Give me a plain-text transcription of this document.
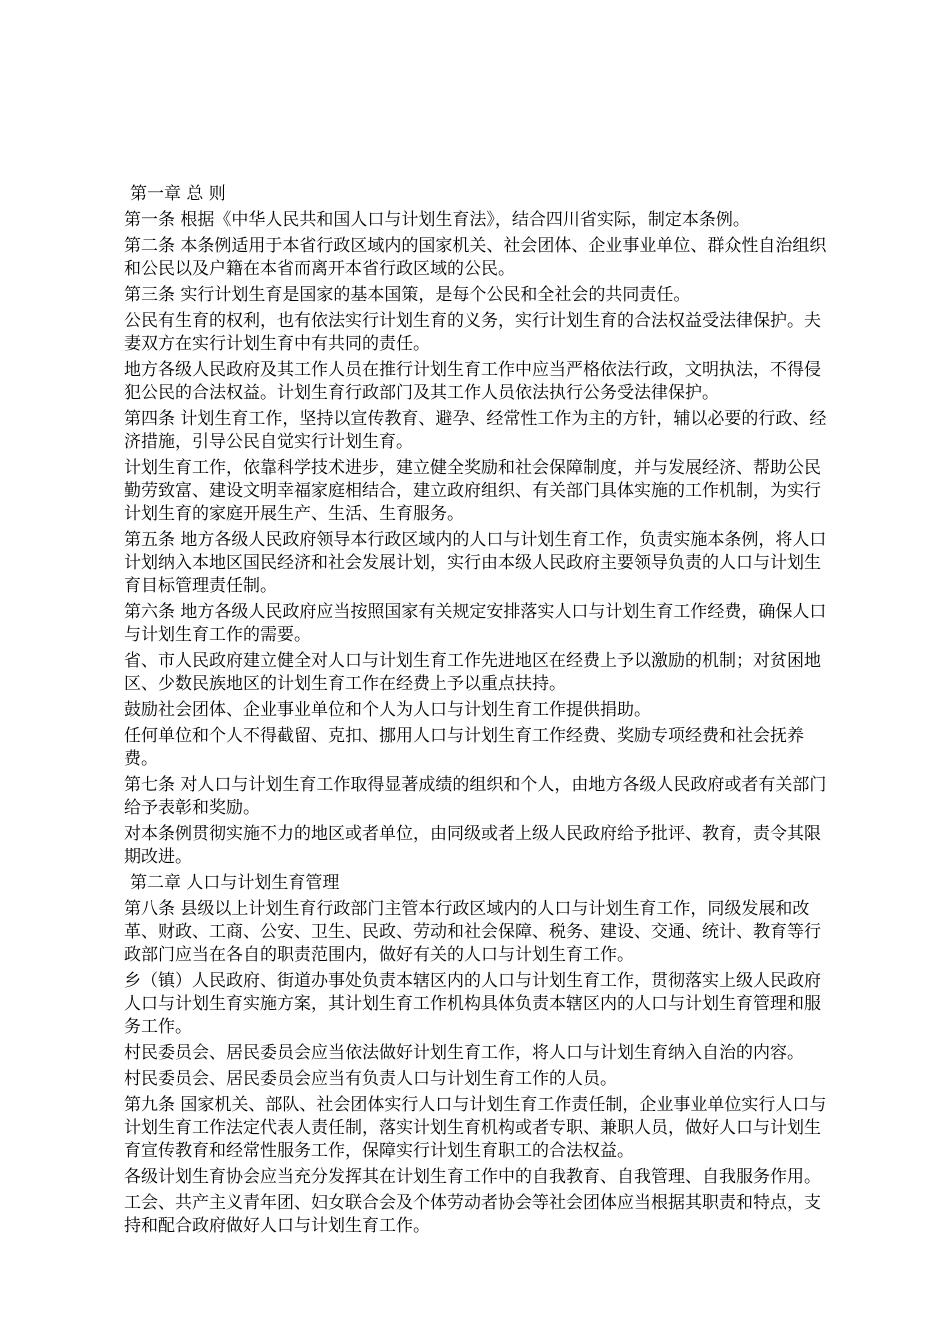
第一章 总 则

第一条 根据《中华人民共和国人口与计划生育法》，结合四川省实际，制定本条例。

第二条 本条例适用于本省行政区域内的国家机关、社会团体、企业事业单位、群众性自治组织和公民以及户籍在本省而离开本省行政区域的公民。

第三条 实行计划生育是国家的基本国策，是每个公民和全社会的共同责任。

公民有生育的权利，也有依法实行计划生育的义务，实行计划生育的合法权益受法律保护。夫妻双方在实行计划生育中有共同的责任。

地方各级人民政府及其工作人员在推行计划生育工作中应当严格依法行政，文明执法，不得侵犯公民的合法权益。计划生育行政部门及其工作人员依法执行公务受法律保护。

第四条 计划生育工作，坚持以宣传教育、避孕、经常性工作为主的方针，辅以必要的行政、经济措施，引导公民自觉实行计划生育。

计划生育工作，依靠科学技术进步，建立健全奖励和社会保障制度，并与发展经济、帮助公民勤劳致富、建设文明幸福家庭相结合，建立政府组织、有关部门具体实施的工作机制，为实行计划生育的家庭开展生产、生活、生育服务。

第五条 地方各级人民政府领导本行政区域内的人口与计划生育工作，负责实施本条例，将人口计划纳入本地区国民经济和社会发展计划，实行由本级人民政府主要领导负责的人口与计划生育目标管理责任制。

第六条 地方各级人民政府应当按照国家有关规定安排落实人口与计划生育工作经费，确保人口与计划生育工作的需要。

省、市人民政府建立健全对人口与计划生育工作先进地区在经费上予以激励的机制；对贫困地区、少数民族地区的计划生育工作在经费上予以重点扶持。

鼓励社会团体、企业事业单位和个人为人口与计划生育工作提供捐助。

任何单位和个人不得截留、克扣、挪用人口与计划生育工作经费、奖励专项经费和社会抚养费。

第七条 对人口与计划生育工作取得显著成绩的组织和个人，由地方各级人民政府或者有关部门给予表彰和奖励。

对本条例贯彻实施不力的地区或者单位，由同级或者上级人民政府给予批评、教育，责令其限期改进。

第二章 人口与计划生育管理

第八条 县级以上计划生育行政部门主管本行政区域内的人口与计划生育工作，同级发展和改革、财政、工商、公安、卫生、民政、劳动和社会保障、税务、建设、交通、统计、教育等行政部门应当在各自的职责范围内，做好有关的人口与计划生育工作。

乡（镇）人民政府、街道办事处负责本辖区内的人口与计划生育工作，贯彻落实上级人民政府人口与计划生育实施方案，其计划生育工作机构具体负责本辖区内的人口与计划生育管理和服务工作。

村民委员会、居民委员会应当依法做好计划生育工作，将人口与计划生育纳入自治的内容。

村民委员会、居民委员会应当有负责人口与计划生育工作的人员。

第九条 国家机关、部队、社会团体实行人口与计划生育工作责任制，企业事业单位实行人口与计划生育工作法定代表人责任制，落实计划生育机构或者专职、兼职人员，做好人口与计划生育宣传教育和经常性服务工作，保障实行计划生育职工的合法权益。

各级计划生育协会应当充分发挥其在计划生育工作中的自我教育、自我管理、自我服务作用。

工会、共产主义青年团、妇女联合会及个体劳动者协会等社会团体应当根据其职责和特点，支持和配合政府做好人口与计划生育工作。
